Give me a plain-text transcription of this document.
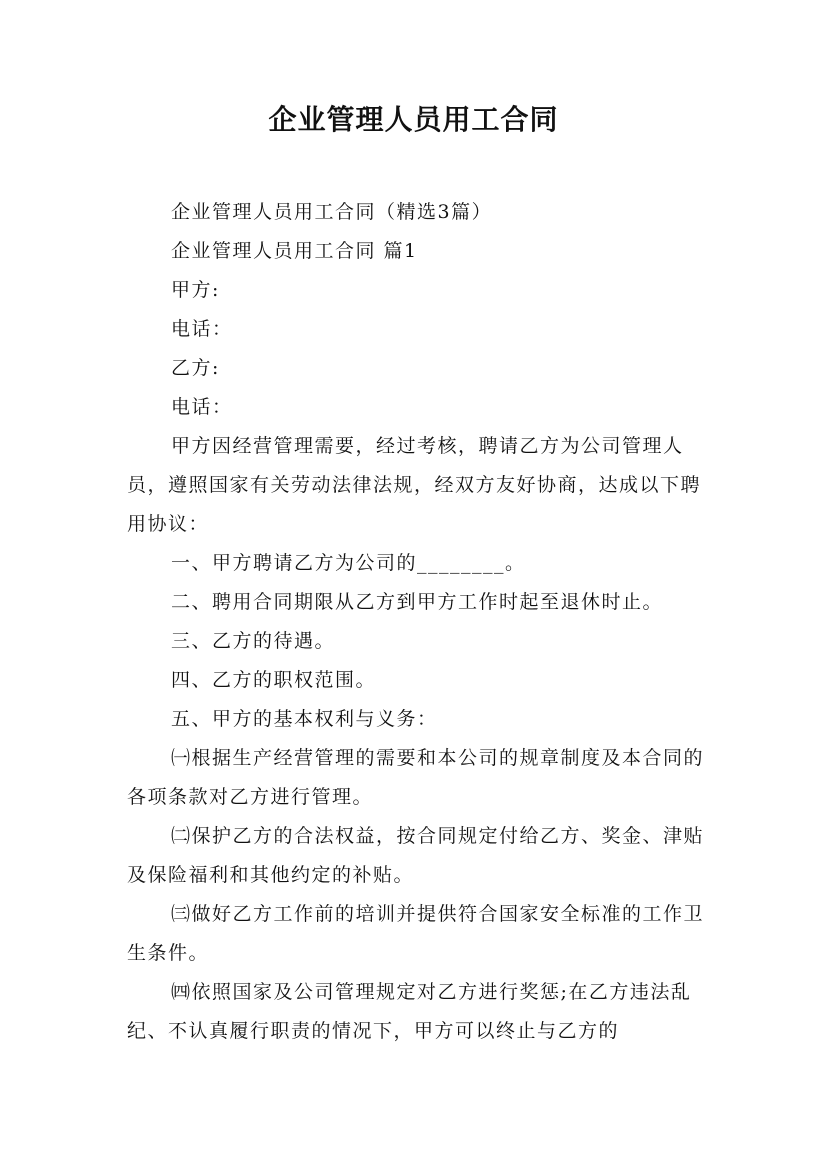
企业管理人员用工合同

企业管理人员用工合同（精选3篇）

企业管理人员用工合同 篇1

甲方:

电话：

乙方:

电话：

甲方因经营管理需要，经过考核，聘请乙方为公司管理人员，遵照国家有关劳动法律法规，经双方友好协商，达成以下聘用协议：

一、甲方聘请乙方为公司的________。

二、聘用合同期限从乙方到甲方工作时起至退休时止。

三、乙方的待遇。

四、乙方的职权范围。

五、甲方的基本权利与义务：

㈠根据生产经营管理的需要和本公司的规章制度及本合同的各项条款对乙方进行管理。

㈡保护乙方的合法权益，按合同规定付给乙方、奖金、津贴及保险福利和其他约定的补贴。

㈢做好乙方工作前的培训并提供符合国家安全标准的工作卫生条件。

㈣依照国家及公司管理规定对乙方进行奖惩;在乙方违法乱纪、不认真履行职责的情况下，甲方可以终止与乙方的
